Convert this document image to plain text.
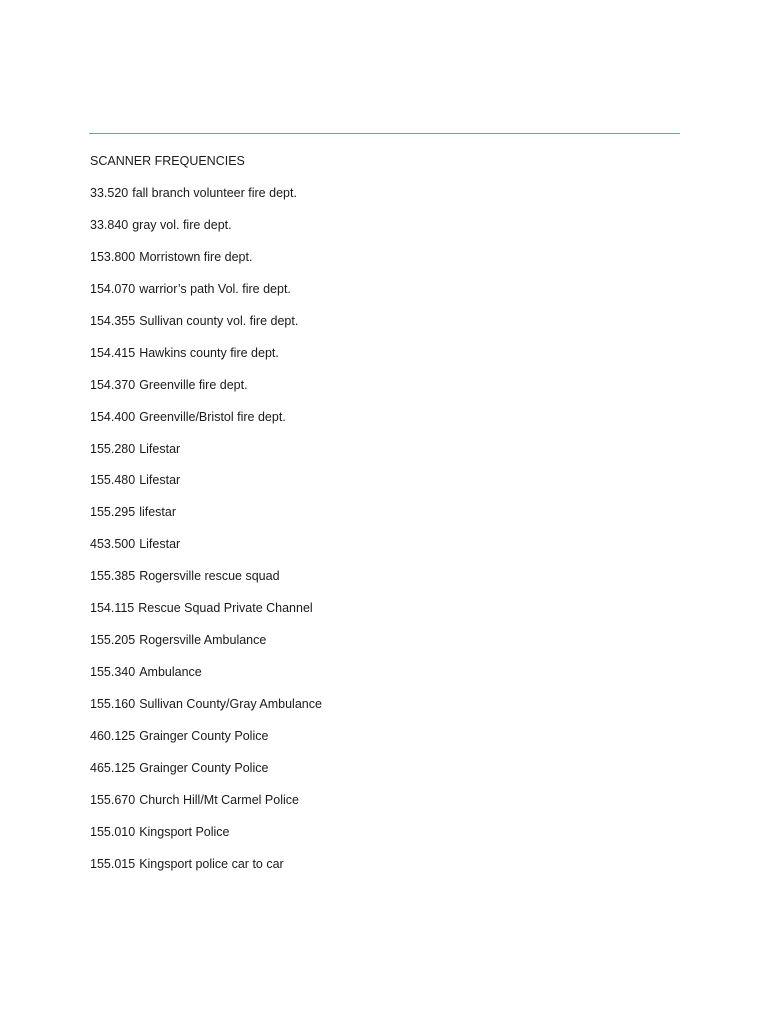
SCANNER FREQUENCIES
33.520 fall branch volunteer fire dept.
33.840 gray vol. fire dept.
153.800 Morristown fire dept.
154.070 warrior’s path Vol. fire dept.
154.355 Sullivan county vol. fire dept.
154.415 Hawkins county fire dept.
154.370 Greenville fire dept.
154.400 Greenville/Bristol fire dept.
155.280 Lifestar
155.480 Lifestar
155.295 lifestar
453.500 Lifestar
155.385 Rogersville rescue squad
154.115 Rescue Squad Private Channel
155.205 Rogersville Ambulance
155.340 Ambulance
155.160 Sullivan County/Gray Ambulance
460.125 Grainger County Police
465.125 Grainger County Police
155.670 Church Hill/Mt Carmel Police
155.010 Kingsport Police
155.015 Kingsport police car to car
